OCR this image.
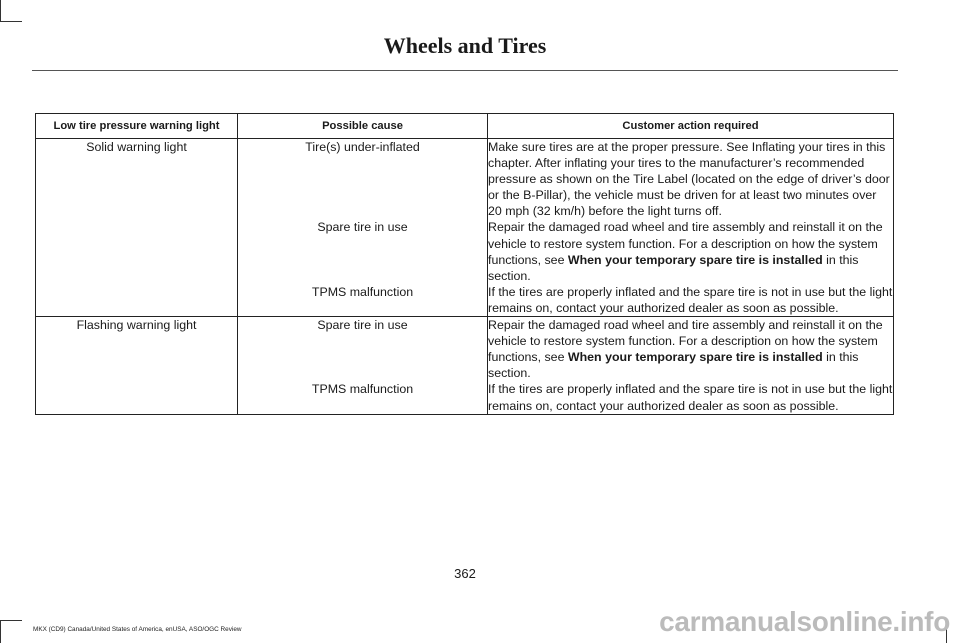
Wheels and Tires
Low tire pressure warning light	Possible cause	Customer action required
Solid warning light	Tire(s) under-inflated	Make sure tires are at the proper pressure. See Inflating your tires in this chapter. After inflating your tires to the manufacturer’s recommended pressure as shown on the Tire Label (located on the edge of driver’s door or the B-Pillar), the vehicle must be driven for at least two minutes over 20 mph (32 km/h) before the light turns off.
	Spare tire in use	Repair the damaged road wheel and tire assembly and reinstall it on the vehicle to restore system function. For a description on how the system functions, see When your temporary spare tire is installed in this section.
	TPMS malfunction	If the tires are properly inflated and the spare tire is not in use but the light remains on, contact your authorized dealer as soon as possible.
Flashing warning light	Spare tire in use	Repair the damaged road wheel and tire assembly and reinstall it on the vehicle to restore system function. For a description on how the system functions, see When your temporary spare tire is installed in this section.
	TPMS malfunction	If the tires are properly inflated and the spare tire is not in use but the light remains on, contact your authorized dealer as soon as possible.
362
MKX (CD9) Canada/United States of America, enUSA, ASO/OGC Review	carmanualsonline.info
